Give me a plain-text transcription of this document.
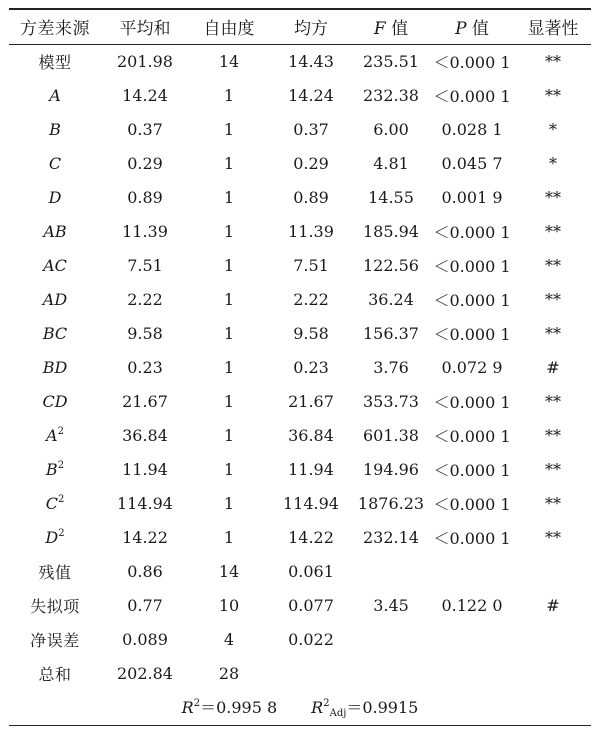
方差来源	平均和	自由度	均方	F 值	P 值	显著性
模型	201.98	14	14.43	235.51	＜0.000 1	**
A	14.24	1	14.24	232.38	＜0.000 1	**
B	0.37	1	0.37	6.00	0.028 1	*
C	0.29	1	0.29	4.81	0.045 7	*
D	0.89	1	0.89	14.55	0.001 9	**
AB	11.39	1	11.39	185.94	＜0.000 1	**
AC	7.51	1	7.51	122.56	＜0.000 1	**
AD	2.22	1	2.22	36.24	＜0.000 1	**
BC	9.58	1	9.58	156.37	＜0.000 1	**
BD	0.23	1	0.23	3.76	0.072 9	#
CD	21.67	1	21.67	353.73	＜0.000 1	**
$A^2$	36.84	1	36.84	601.38	＜0.000 1	**
$B^2$	11.94	1	11.94	194.96	＜0.000 1	**
$C^2$	114.94	1	114.94	1876.23	＜0.000 1	**
$D^2$	14.22	1	14.22	232.14	＜0.000 1	**
残值	0.86	14	0.061			
失拟项	0.77	10	0.077	3.45	0.122 0	#
净误差	0.089	4	0.022			
总和	202.84	28				
$R^2=0.995$ 8 $R^2_{Adj}=0.9915$
